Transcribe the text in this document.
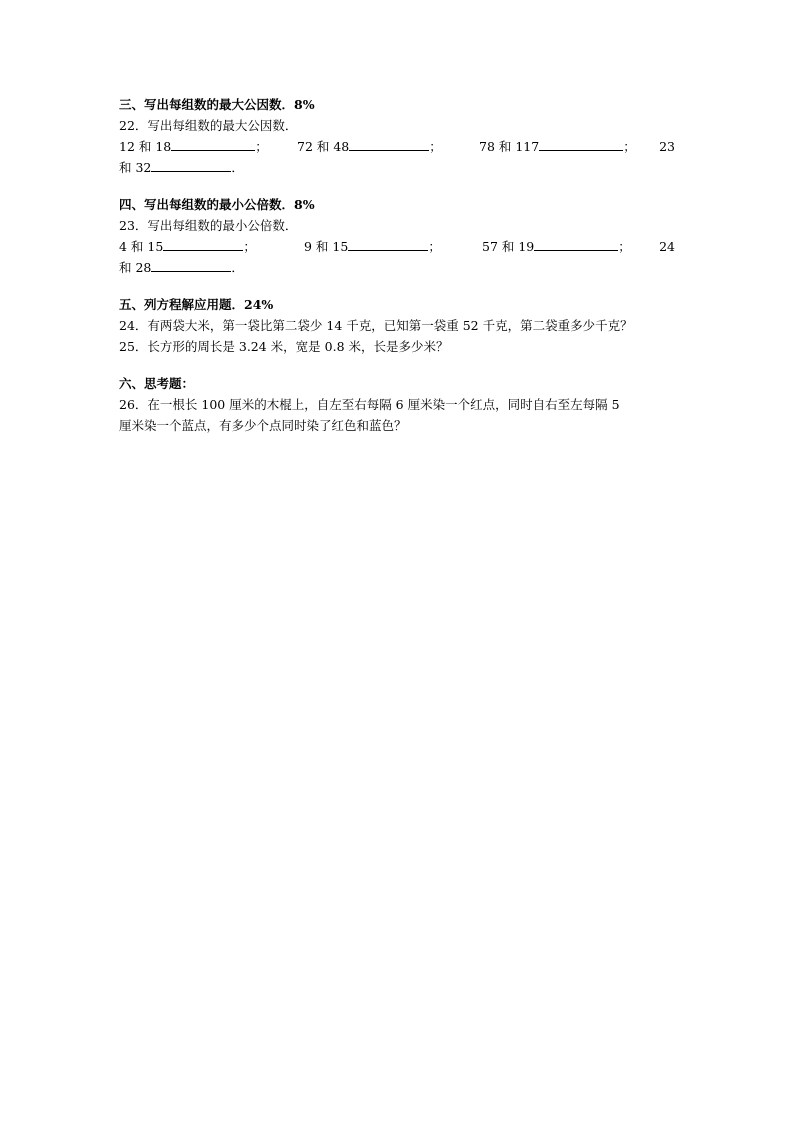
三、写出每组数的最大公因数．8%
22．写出每组数的最大公因数．
12 和 18	； 72 和 48	；	78 和 117	； 23
和 32	．
四、写出每组数的最小公倍数．8%
23．写出每组数的最小公倍数．
4 和 15	；	9 和 15	；	57 和 19	； 24
和 28	．
五、列方程解应用题．24%
24．有两袋大米，第一袋比第二袋少 14 千克，已知第一袋重 52 千克，第二袋重多少千克？
25．长方形的周长是 3.24 米，宽是 0.8 米，长是多少米？
六、思考题：
26．在一根长 100 厘米的木棍上，自左至右每隔 6 厘米染一个红点，同时自右至左每隔 5
厘米染一个蓝点，有多少个点同时染了红色和蓝色？
